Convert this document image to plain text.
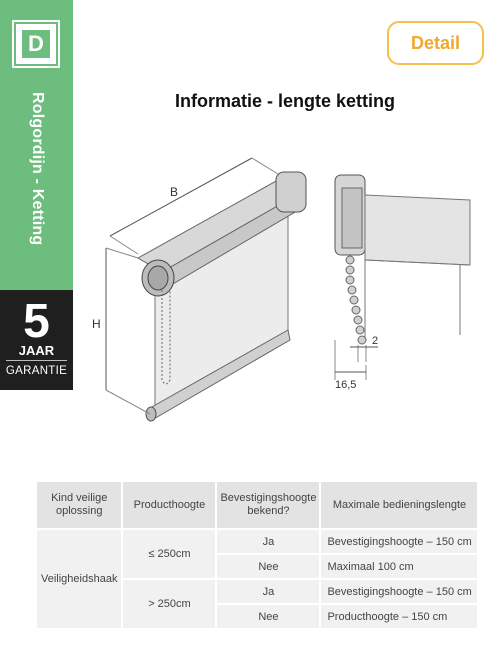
D
Rolgordijn - Ketting
5
JAAR
GARANTIE
Detail
Informatie - lengte ketting
B
H
2
16,5
Kind veilige oplossing	Producthoogte	Bevestigingshoogte bekend?	Maximale bedieningslengte
Veiligheidshaak	≤ 250cm	Ja	Bevestigingshoogte – 150 cm
		Nee	Maximaal 100 cm
	> 250cm	Ja	Bevestigingshoogte – 150 cm
		Nee	Producthoogte – 150 cm
